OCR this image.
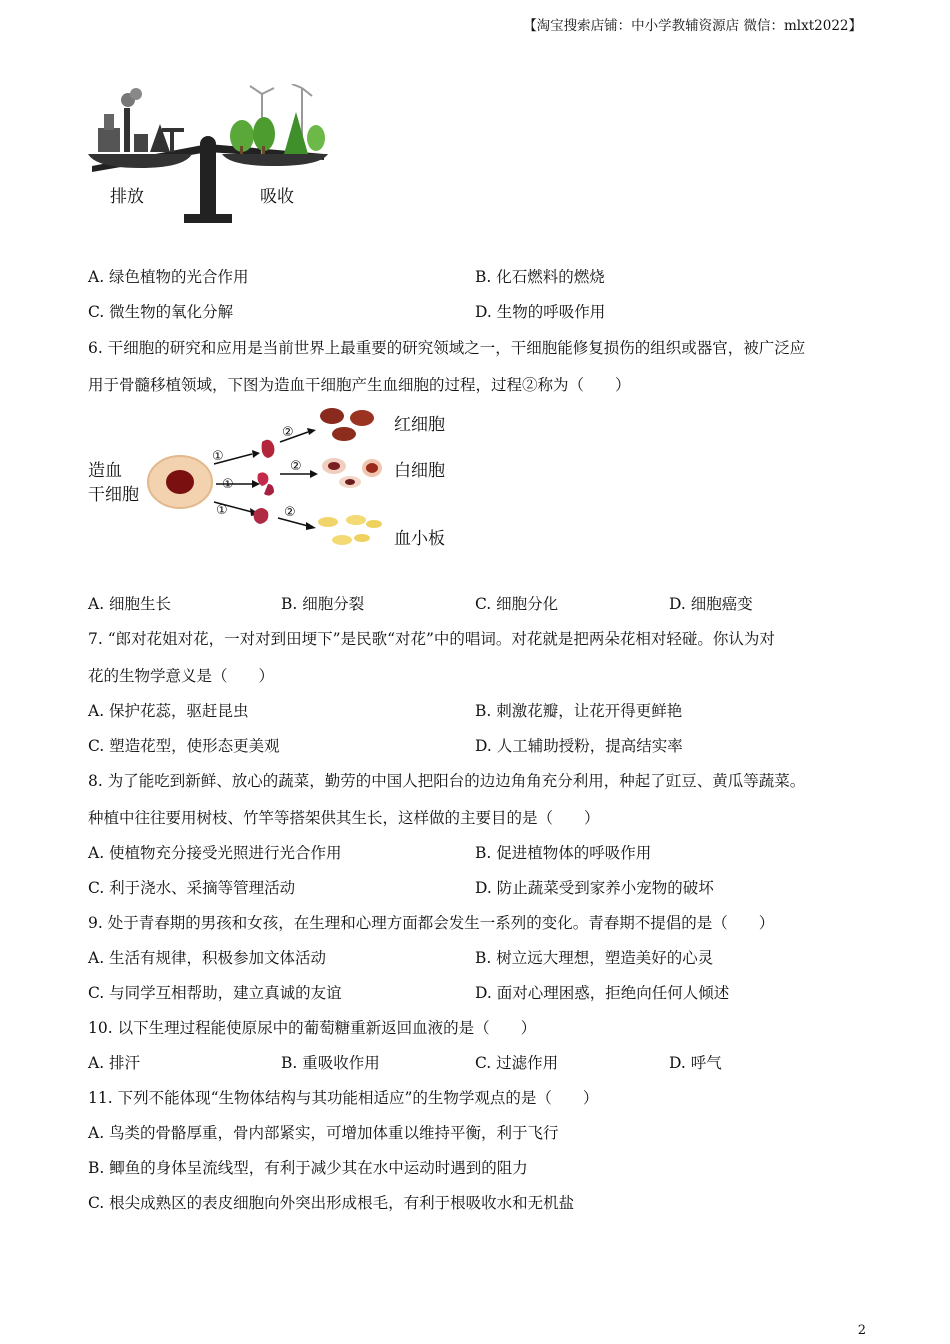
【淘宝搜索店铺：中小学教辅资源店 微信：mlxt2022】
排放	吸收
A. 绿色植物的光合作用	B. 化石燃料的燃烧
C. 微生物的氧化分解	D. 生物的呼吸作用
6. 干细胞的研究和应用是当前世界上最重要的研究领域之一，干细胞能修复损伤的组织或器官，被广泛应
用于骨髓移植领域，下图为造血干细胞产生血细胞的过程，过程②称为（　　）
造血
干细胞
①
①
①
②
②
②
红细胞
白细胞
血小板
A. 细胞生长	B. 细胞分裂	C. 细胞分化	D. 细胞癌变
7. “郎对花姐对花，一对对到田埂下”是民歌“对花”中的唱词。对花就是把两朵花相对轻碰。你认为对
花的生物学意义是（　　）
A. 保护花蕊，驱赶昆虫	B. 刺激花瓣，让花开得更鲜艳
C. 塑造花型，使形态更美观	D. 人工辅助授粉，提高结实率
8. 为了能吃到新鲜、放心的蔬菜，勤劳的中国人把阳台的边边角角充分利用，种起了豇豆、黄瓜等蔬菜。
种植中往往要用树枝、竹竿等搭架供其生长，这样做的主要目的是（　　）
A. 使植物充分接受光照进行光合作用	B. 促进植物体的呼吸作用
C. 利于浇水、采摘等管理活动	D. 防止蔬菜受到家养小宠物的破坏
9. 处于青春期的男孩和女孩，在生理和心理方面都会发生一系列的变化。青春期不提倡的是（　　）
A. 生活有规律，积极参加文体活动	B. 树立远大理想，塑造美好的心灵
C. 与同学互相帮助，建立真诚的友谊	D. 面对心理困惑，拒绝向任何人倾述
10. 以下生理过程能使原尿中的葡萄糖重新返回血液的是（　　）
A. 排汗	B. 重吸收作用	C. 过滤作用	D. 呼气
11. 下列不能体现“生物体结构与其功能相适应”的生物学观点的是（　　）
A. 鸟类的骨骼厚重，骨内部紧实，可增加体重以维持平衡，利于飞行
B. 鲫鱼的身体呈流线型，有利于减少其在水中运动时遇到的阻力
C. 根尖成熟区的表皮细胞向外突出形成根毛，有利于根吸收水和无机盐
2
